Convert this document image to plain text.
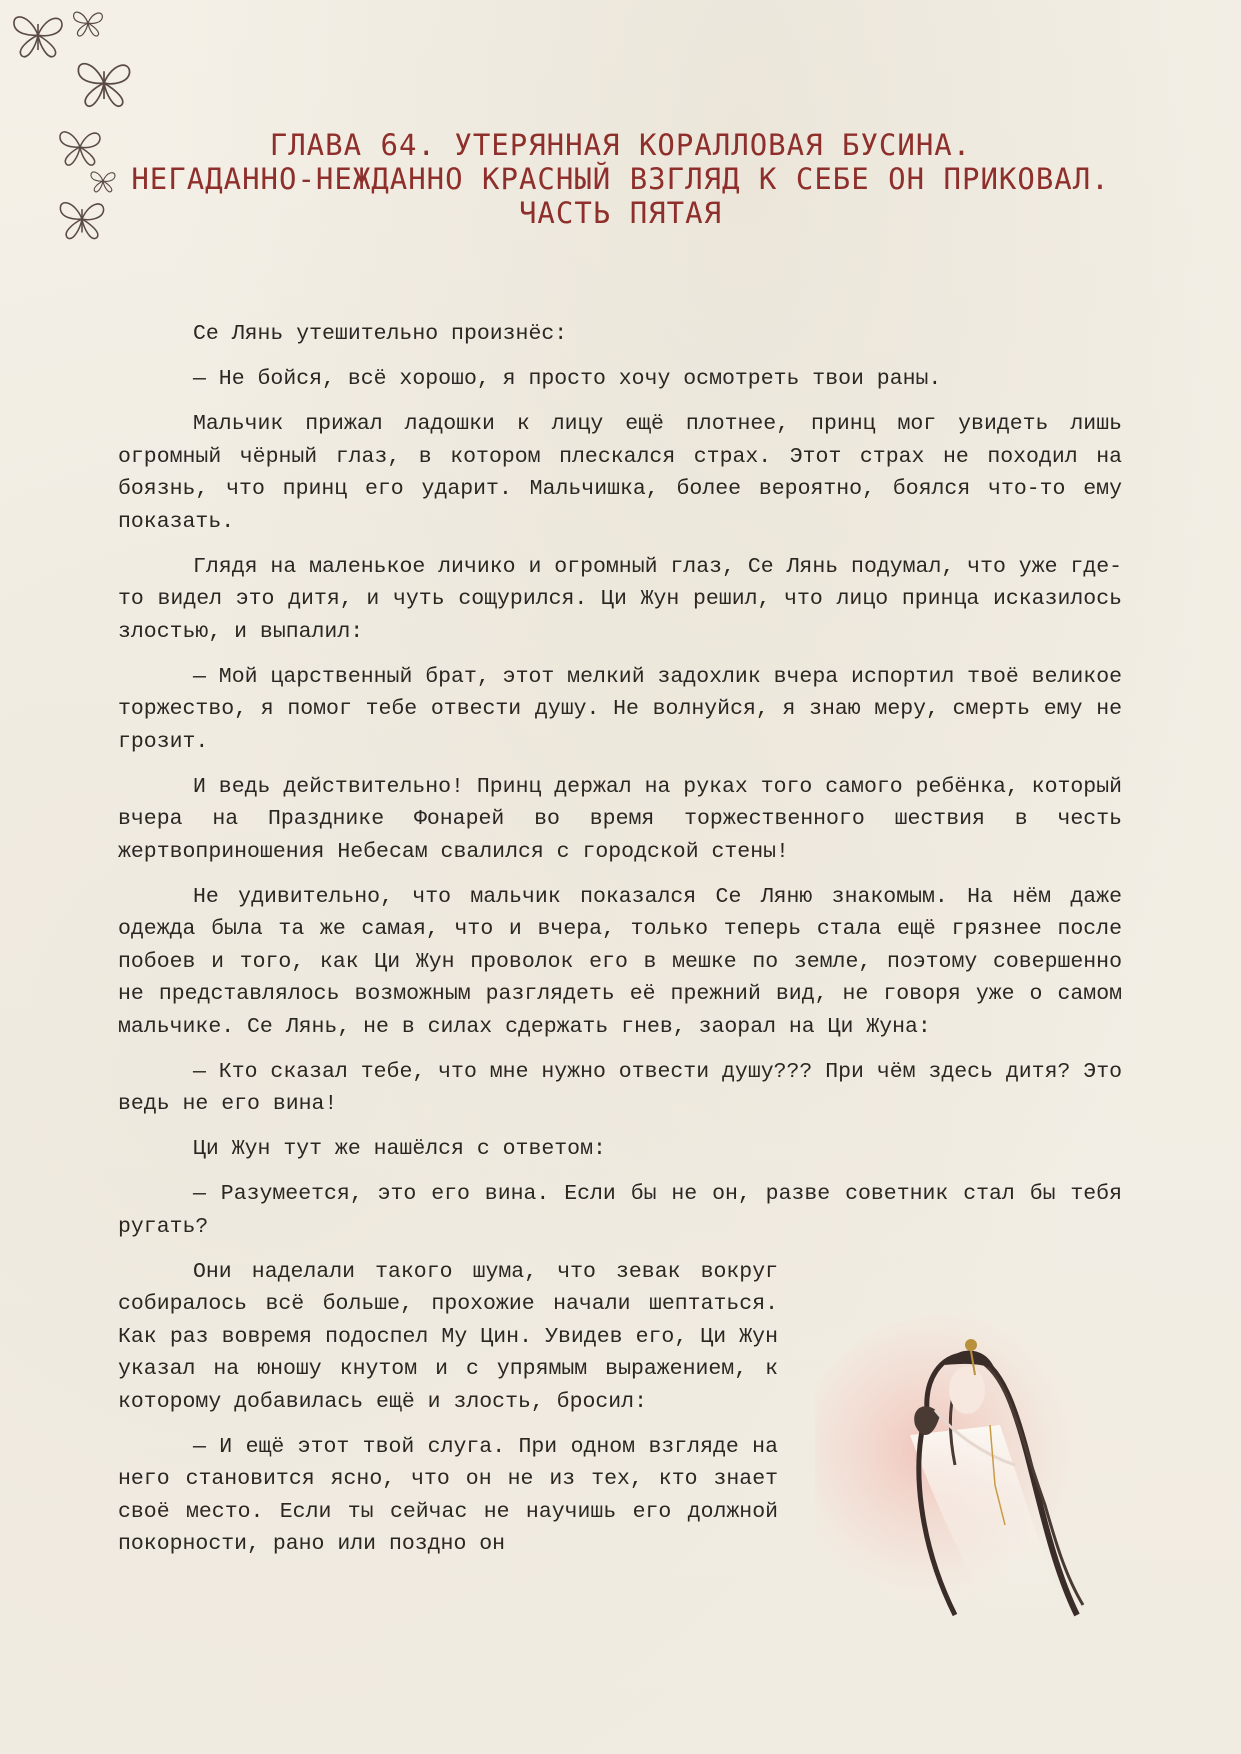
ГЛАВА 64. УТЕРЯННАЯ КОРАЛЛОВАЯ БУСИНА.
НЕГАДАННО-НЕЖДАННО КРАСНЫЙ ВЗГЛЯД К СЕБЕ ОН ПРИКОВАЛ.
ЧАСТЬ ПЯТАЯ

Се Лянь утешительно произнёс:

— Не бойся, всё хорошо, я просто хочу осмотреть твои раны.

Мальчик прижал ладошки к лицу ещё плотнее, принц мог увидеть лишь огромный чёрный глаз, в котором плескался страх. Этот страх не походил на боязнь, что принц его ударит. Мальчишка, более вероятно, боялся что-то ему показать.

Глядя на маленькое личико и огромный глаз, Се Лянь подумал, что уже где-то видел это дитя, и чуть сощурился. Ци Жун решил, что лицо принца исказилось злостью, и выпалил:

— Мой царственный брат, этот мелкий задохлик вчера испортил твоё великое торжество, я помог тебе отвести душу. Не волнуйся, я знаю меру, смерть ему не грозит.

И ведь действительно! Принц держал на руках того самого ребёнка, который вчера на Празднике Фонарей во время торжественного шествия в честь жертвоприношения Небесам свалился с городской стены!

Не удивительно, что мальчик показался Се Ляню знакомым. На нём даже одежда была та же самая, что и вчера, только теперь стала ещё грязнее после побоев и того, как Ци Жун проволок его в мешке по земле, поэтому совершенно не представлялось возможным разглядеть её прежний вид, не говоря уже о самом мальчике. Се Лянь, не в силах сдержать гнев, заорал на Ци Жуна:

— Кто сказал тебе, что мне нужно отвести душу??? При чём здесь дитя? Это ведь не его вина!

Ци Жун тут же нашёлся с ответом:

— Разумеется, это его вина. Если бы не он, разве советник стал бы тебя ругать?

Они наделали такого шума, что зевак вокруг собиралось всё больше, прохожие начали шептаться. Как раз вовремя подоспел Му Цин. Увидев его, Ци Жун указал на юношу кнутом и с упрямым выражением, к которому добавилась ещё и злость, бросил:

— И ещё этот твой слуга. При одном взгляде на него становится ясно, что он не из тех, кто знает своё место. Если ты сейчас не научишь его должной покорности, рано или поздно он
